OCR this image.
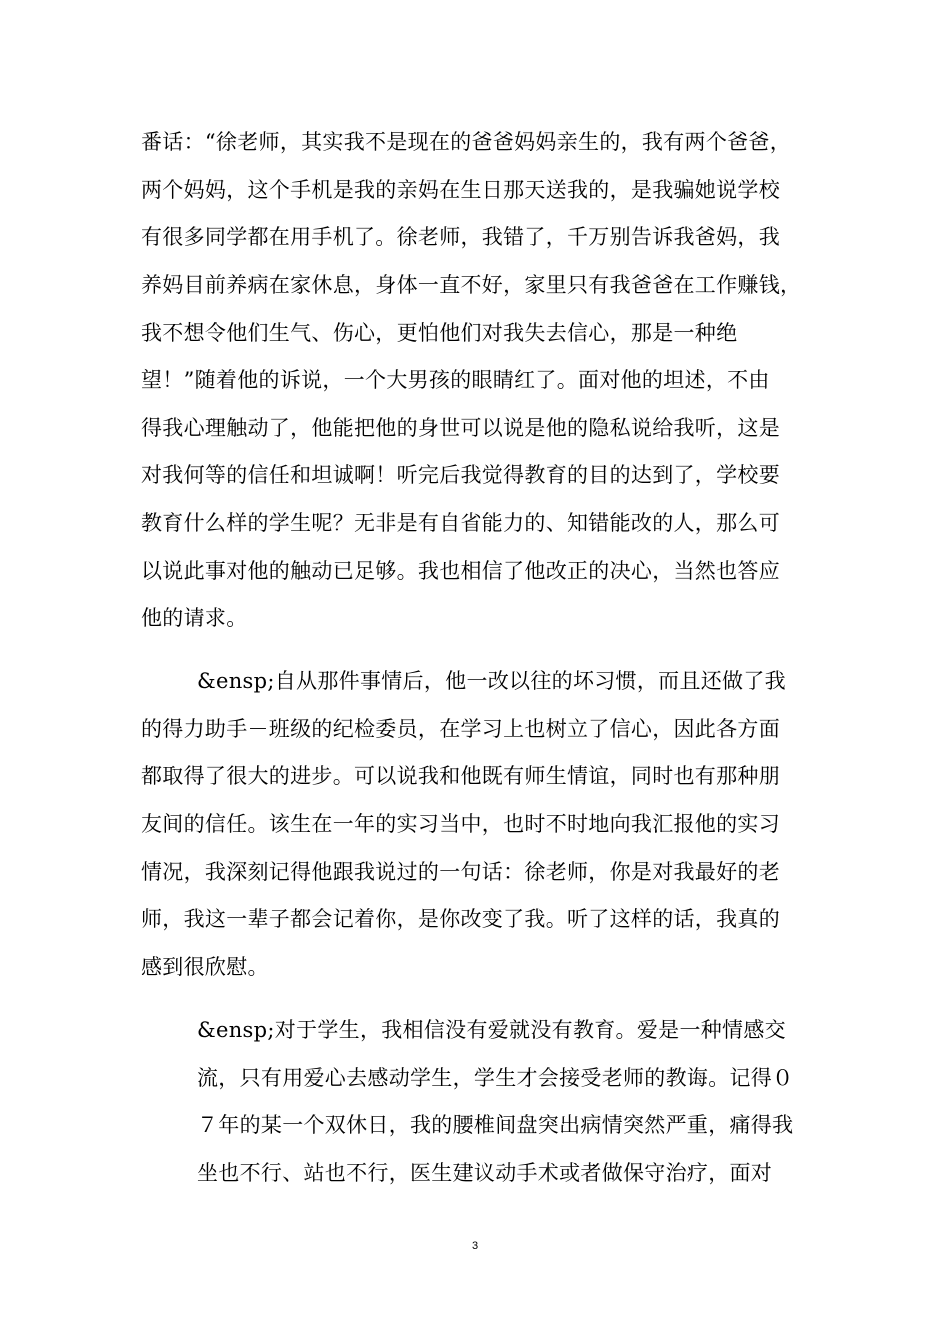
番话：“徐老师，其实我不是现在的爸爸妈妈亲生的，我有两个爸爸，

两个妈妈，这个手机是我的亲妈在生日那天送我的，是我骗她说学校

有很多同学都在用手机了。徐老师，我错了，千万别告诉我爸妈，我

养妈目前养病在家休息，身体一直不好，家里只有我爸爸在工作赚钱，

我不想令他们生气、伤心，更怕他们对我失去信心，那是一种绝

望！”随着他的诉说，一个大男孩的眼睛红了。面对他的坦述，不由

得我心理触动了，他能把他的身世可以说是他的隐私说给我听，这是

对我何等的信任和坦诚啊！听完后我觉得教育的目的达到了，学校要

教育什么样的学生呢？无非是有自省能力的、知错能改的人，那么可

以说此事对他的触动已足够。我也相信了他改正的决心，当然也答应

他的请求。

&ensp;自从那件事情后，他一改以往的坏习惯，而且还做了我

的得力助手－班级的纪检委员，在学习上也树立了信心，因此各方面

都取得了很大的进步。可以说我和他既有师生情谊，同时也有那种朋

友间的信任。该生在一年的实习当中，也时不时地向我汇报他的实习

情况，我深刻记得他跟我说过的一句话：徐老师，你是对我最好的老

师，我这一辈子都会记着你，是你改变了我。听了这样的话，我真的

感到很欣慰。

&ensp;对于学生，我相信没有爱就没有教育。爱是一种情感交

流，只有用爱心去感动学生，学生才会接受老师的教诲。记得０

７年的某一个双休日，我的腰椎间盘突出病情突然严重，痛得我

坐也不行、站也不行，医生建议动手术或者做保守治疗，面对

3
